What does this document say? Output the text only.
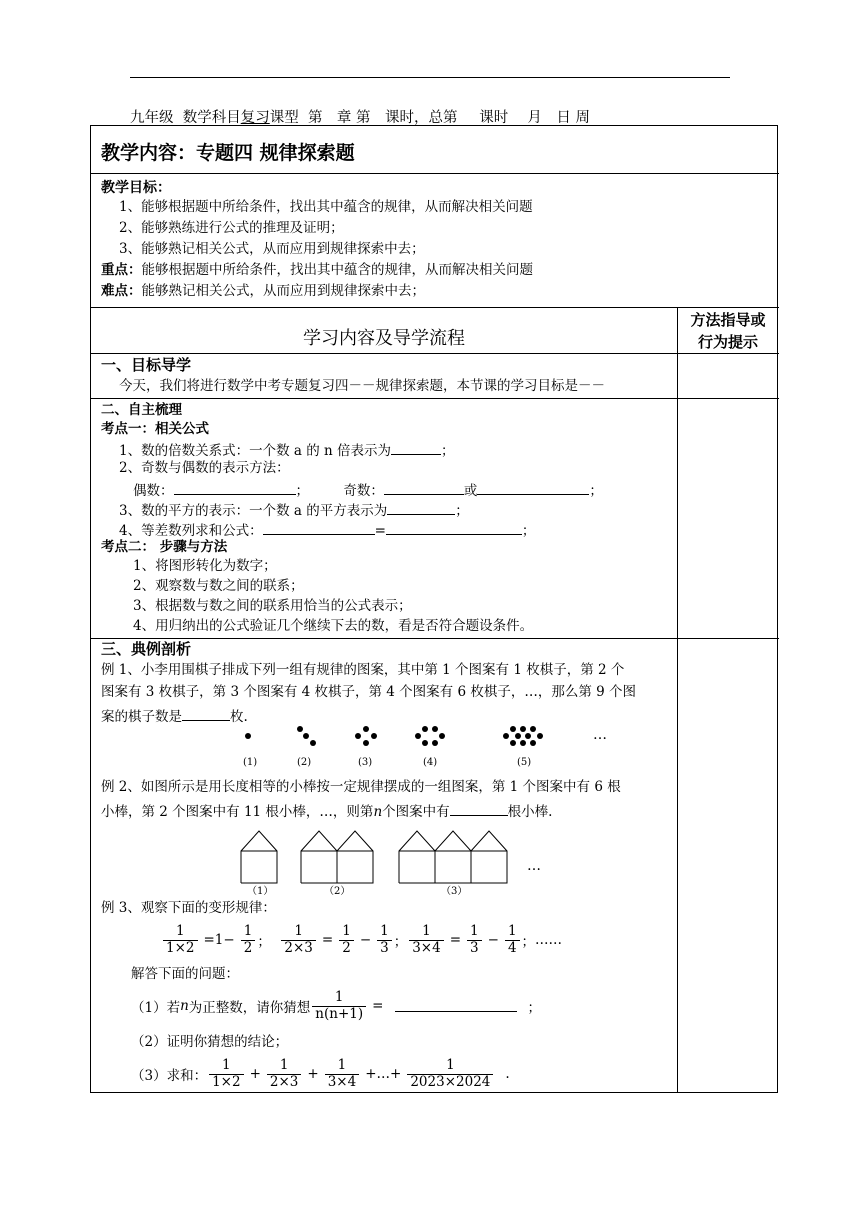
九年级 数学科目复习课型 第__章 第__课时，总第___课时 __月__日 周___
教学内容：专题四 规律探索题
教学目标：
1、能够根据题中所给条件，找出其中蕴含的规律，从而解决相关问题
2、能够熟练进行公式的推理及证明；
3、能够熟记相关公式，从而应用到规律探索中去；
重点：能够根据题中所给条件，找出其中蕴含的规律，从而解决相关问题
难点：能够熟记相关公式，从而应用到规律探索中去；
学习内容及导学流程
方法指导或
行为提示
一、目标导学
今天，我们将进行数学中考专题复习四－－规律探索题，本节课的学习目标是－－
二、自主梳理
考点一：相关公式
1、数的倍数关系式：一个数 a 的 n 倍表示为	；
2、奇数与偶数的表示方法：
偶数：	；        奇数：	或	；
3、数的平方的表示：一个数 a 的平方表示为	；
4、等差数列求和公式：	=	；
考点二： 步骤与方法
1、将图形转化为数字；
2、观察数与数之间的联系；
3、根据数与数之间的联系用恰当的公式表示；
4、用归纳出的公式验证几个继续下去的数，看是否符合题设条件。
三、典例剖析
例 1、小李用围棋子排成下列一组有规律的图案，其中第 1 个图案有 1 枚棋子，第 2 个
图案有 3 枚棋子，第 3 个图案有 4 枚棋子，第 4 个图案有 6 枚棋子，…，那么第 9 个图
案的棋子数是	枚.
…
(1)	(2)	(3)	(4)	(5)
例 2、如图所示是用长度相等的小棒按一定规律摆成的一组图案，第 1 个图案中有 6 根
小棒，第 2 个图案中有 11 根小棒，…，则第n个图案中有	根小棒.
…
（1）	（2）	（3）
例 3、观察下面的变形规律：
$\frac{1}{1\times 2} =1- \frac{1}{2}$ ；
$\frac{1}{2\times 3} = \frac{1}{2} - \frac{1}{3}$ ； $\frac{1}{3\times 4} = \frac{1}{3} - \frac{1}{4}$ ； ……
解答下面的问题：
（1）若 n 为正整数，请你猜想 $\frac{1}{n(n+1)}$ =	；
（2）证明你猜想的结论；
（3）求和： $\frac{1}{1\times 2} + \frac{1}{2\times 3} + \frac{1}{3\times 4}$ +…+ $\frac{1}{2023\times 2024}$ .
